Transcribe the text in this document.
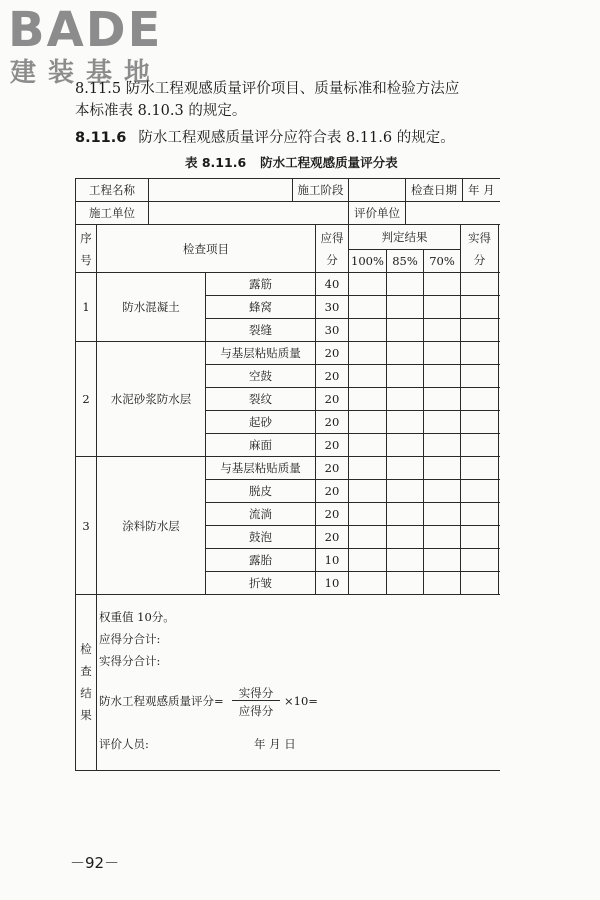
BADE
建装基地
8.11.5 防水工程观感质量评价项目、质量标准和检验方法应
本标准表 8.10.3 的规定。
8.11.6 防水工程观感质量评分应符合表 8.11.6 的规定。
表 8.11.6 防水工程观感质量评分表
工程名称	施工阶段	检查日期 年 月
施工单位	评价单位
序
号
检查项目
应得
分
判定结果
100% 85% 70%
实得
分
1	防水混凝土
露筋	40
蜂窝	30
裂缝	30
2	水泥砂浆防水层
与基层粘贴质量	20
空鼓	20
裂纹	20
起砂	20
麻面	20
3	涂料防水层
与基层粘贴质量	20
脱皮	20
流淌	20
鼓泡	20
露胎	10
折皱	10
检
查
结
果
权重值 10分。
应得分合计:
实得分合计:
防水工程观感质量评分=
实得分
应得分
×10=
评价人员:	年 月 日
－92－
